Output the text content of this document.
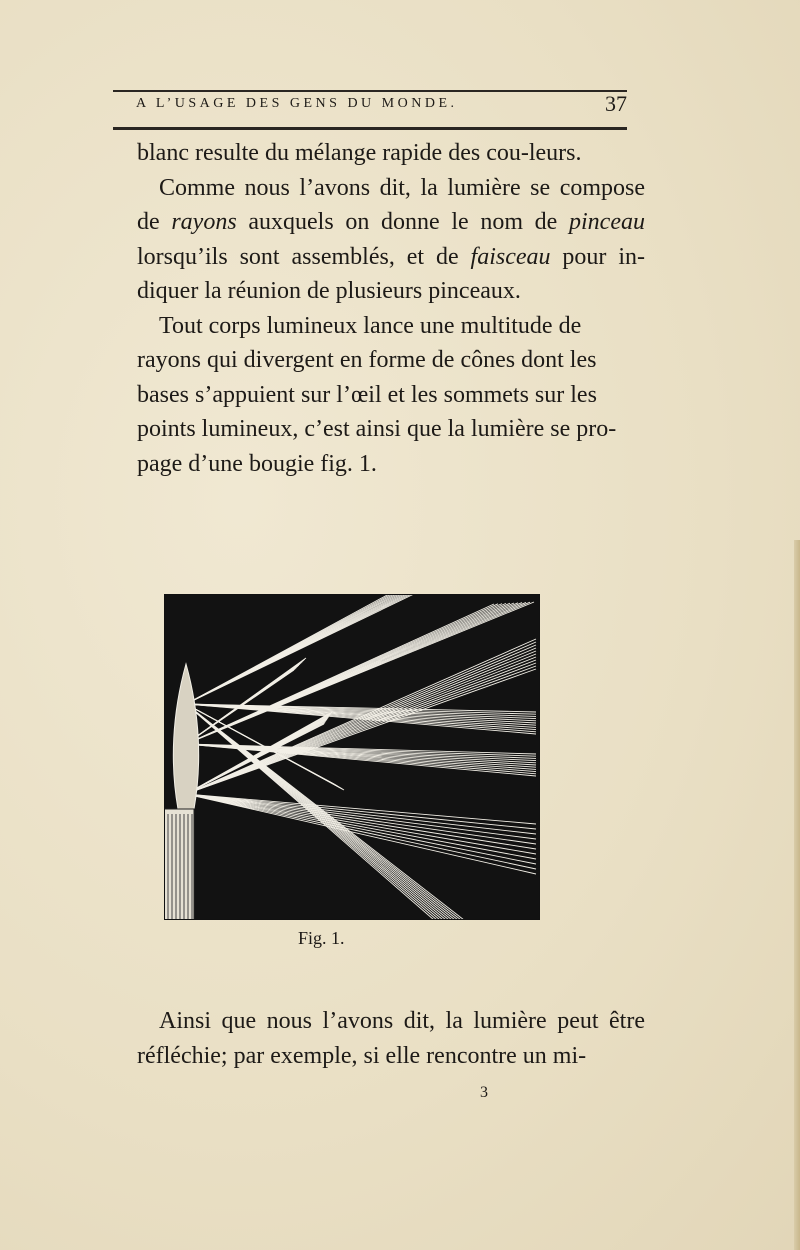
A L’USAGE DES GENS DU MONDE.	37

blanc resulte du mélange rapide des cou-leurs.

Comme nous l’avons dit, la lumière se compose de rayons auxquels on donne le nom de pinceau lorsqu’ils sont assemblés, et de faisceau pour in-diquer la réunion de plusieurs pinceaux.

Tout corps lumineux lance une multitude de rayons qui divergent en forme de cônes dont les bases s’appuient sur l’œil et les sommets sur les points lumineux, c’est ainsi que la lumière se pro-page d’une bougie fig. 1.

Fig. 1.

Ainsi que nous l’avons dit, la lumière peut être réfléchie; par exemple, si elle rencontre un mi-

3
